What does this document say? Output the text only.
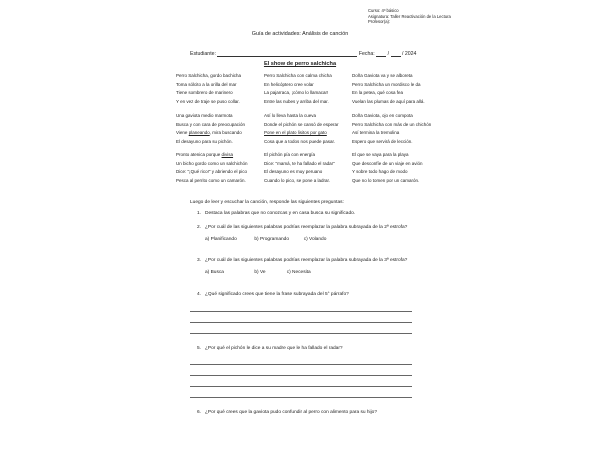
Curso: 4º básico
Asignatura: Taller Reactivación de la Lectura
Profesor(a):
Guía de actividades: Análisis de canción
Estudiante:	Fecha: / / 2024
El show de perro salchicha
Perro Salchicha, gordo bachicha
Toma sólcito a la orilla del mar
Tiene sombrero de marinero
Y en vez de traje se puso collar.
Una gaviota medio marmota
Busca y con cara de preocupación
Viene planeando, mira buscando
El desayuno para su pichón.
Pronto atenica porque divisa
Un bicho gordo como un salchichón
Dice: "¡Qué rico!" y abriendo el pico
Pesca al perrito como un camarón.
Perro Salchicha con calma chicha
En helicóptero cree volar
La pajarraca, ¡cómo lo llamacar!
Entre las nubes y arriba del mar.
Así lo lleva hasta la cueva
Donde el pichón se cansó de esperar
Pone en el plato lisitos por gato
Cosa que a todos nos puede pasar.
El pichón pía con energía
Dice: "mamá, te ha fallado el radar"
El desayuno es muy peruano
Cuando lo pico, se pone a ladrar.
Doña Gaviota va y se alboreta
Perro Salchicha un mordisco le da
En la petea, qué cosa fea
Vuelan las plumas de aquí para allá.
Doña Gaviota, ojo en compota
Perro Salchicha con más de un chichón
Así termina la tremolina
Espero que servirá de lección.
El que se vaya para la playa
Que desconfíe de un viaje en avión
Y sobre todo hago de modo
Que no lo tomen por un camarón.
Luego de leer y escuchar la canción, responde las siguientes preguntas:
1. Destaca las palabras que no conozcas y en casa busca su significado.
2. ¿Por cuál de las siguientes palabras podrías reemplazar la palabra subrayada de la 2ª estrofa?
a) Planificando	b) Programando	c) Volando
3. ¿Por cuál de las siguientes palabras podrías reemplazar la palabra subrayada de la 3ª estrofa?
a) Busca	b) Ve	c) Necesita
4. ¿Qué significado crees que tiene la frase subrayada del 5° párrafo?
5. ¿Por qué el pichón le dice a su madre que le ha fallado el radar?
6. ¿Por qué crees que la gaviota pudo confundir al perro con alimento para su hijo?
